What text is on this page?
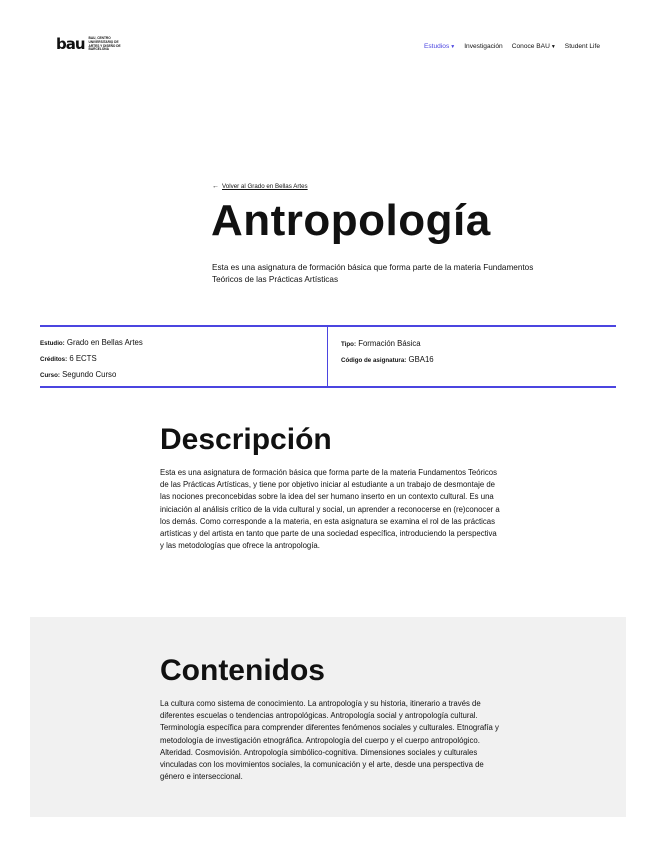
bau BAU, CENTRO UNIVERSITARIO DE ARTES Y DISEÑO DE BARCELONA	Estudios▼ Investigación Conoce BAU▼ Student Life
← Volver al Grado en Bellas Artes
Antropología

Esta es una asignatura de formación básica que forma parte de la materia Fundamentos Teóricos de las Prácticas Artísticas

Estudio: Grado en Bellas Artes
Créditos: 6 ECTS
Curso: Segundo Curso
Tipo: Formación Básica
Código de asignatura: GBA16
Descripción

Esta es una asignatura de formación básica que forma parte de la materia Fundamentos Teóricos de las Prácticas Artísticas, y tiene por objetivo iniciar al estudiante a un trabajo de desmontaje de las nociones preconcebidas sobre la idea del ser humano inserto en un contexto cultural. Es una iniciación al análisis crítico de la vida cultural y social, un aprender a reconocerse en (re)conocer a los demás. Como corresponde a la materia, en esta asignatura se examina el rol de las prácticas artísticas y del artista en tanto que parte de una sociedad específica, introduciendo la perspectiva y las metodologías que ofrece la antropología.

Contenidos

La cultura como sistema de conocimiento. La antropología y su historia, itinerario a través de diferentes escuelas o tendencias antropológicas. Antropología social y antropología cultural. Terminología específica para comprender diferentes fenómenos sociales y culturales. Etnografía y metodología de investigación etnográfica. Antropología del cuerpo y el cuerpo antropológico. Alteridad. Cosmovisión. Antropología simbólico-cognitiva. Dimensiones sociales y culturales vinculadas con los movimientos sociales, la comunicación y el arte, desde una perspectiva de género e interseccional.
